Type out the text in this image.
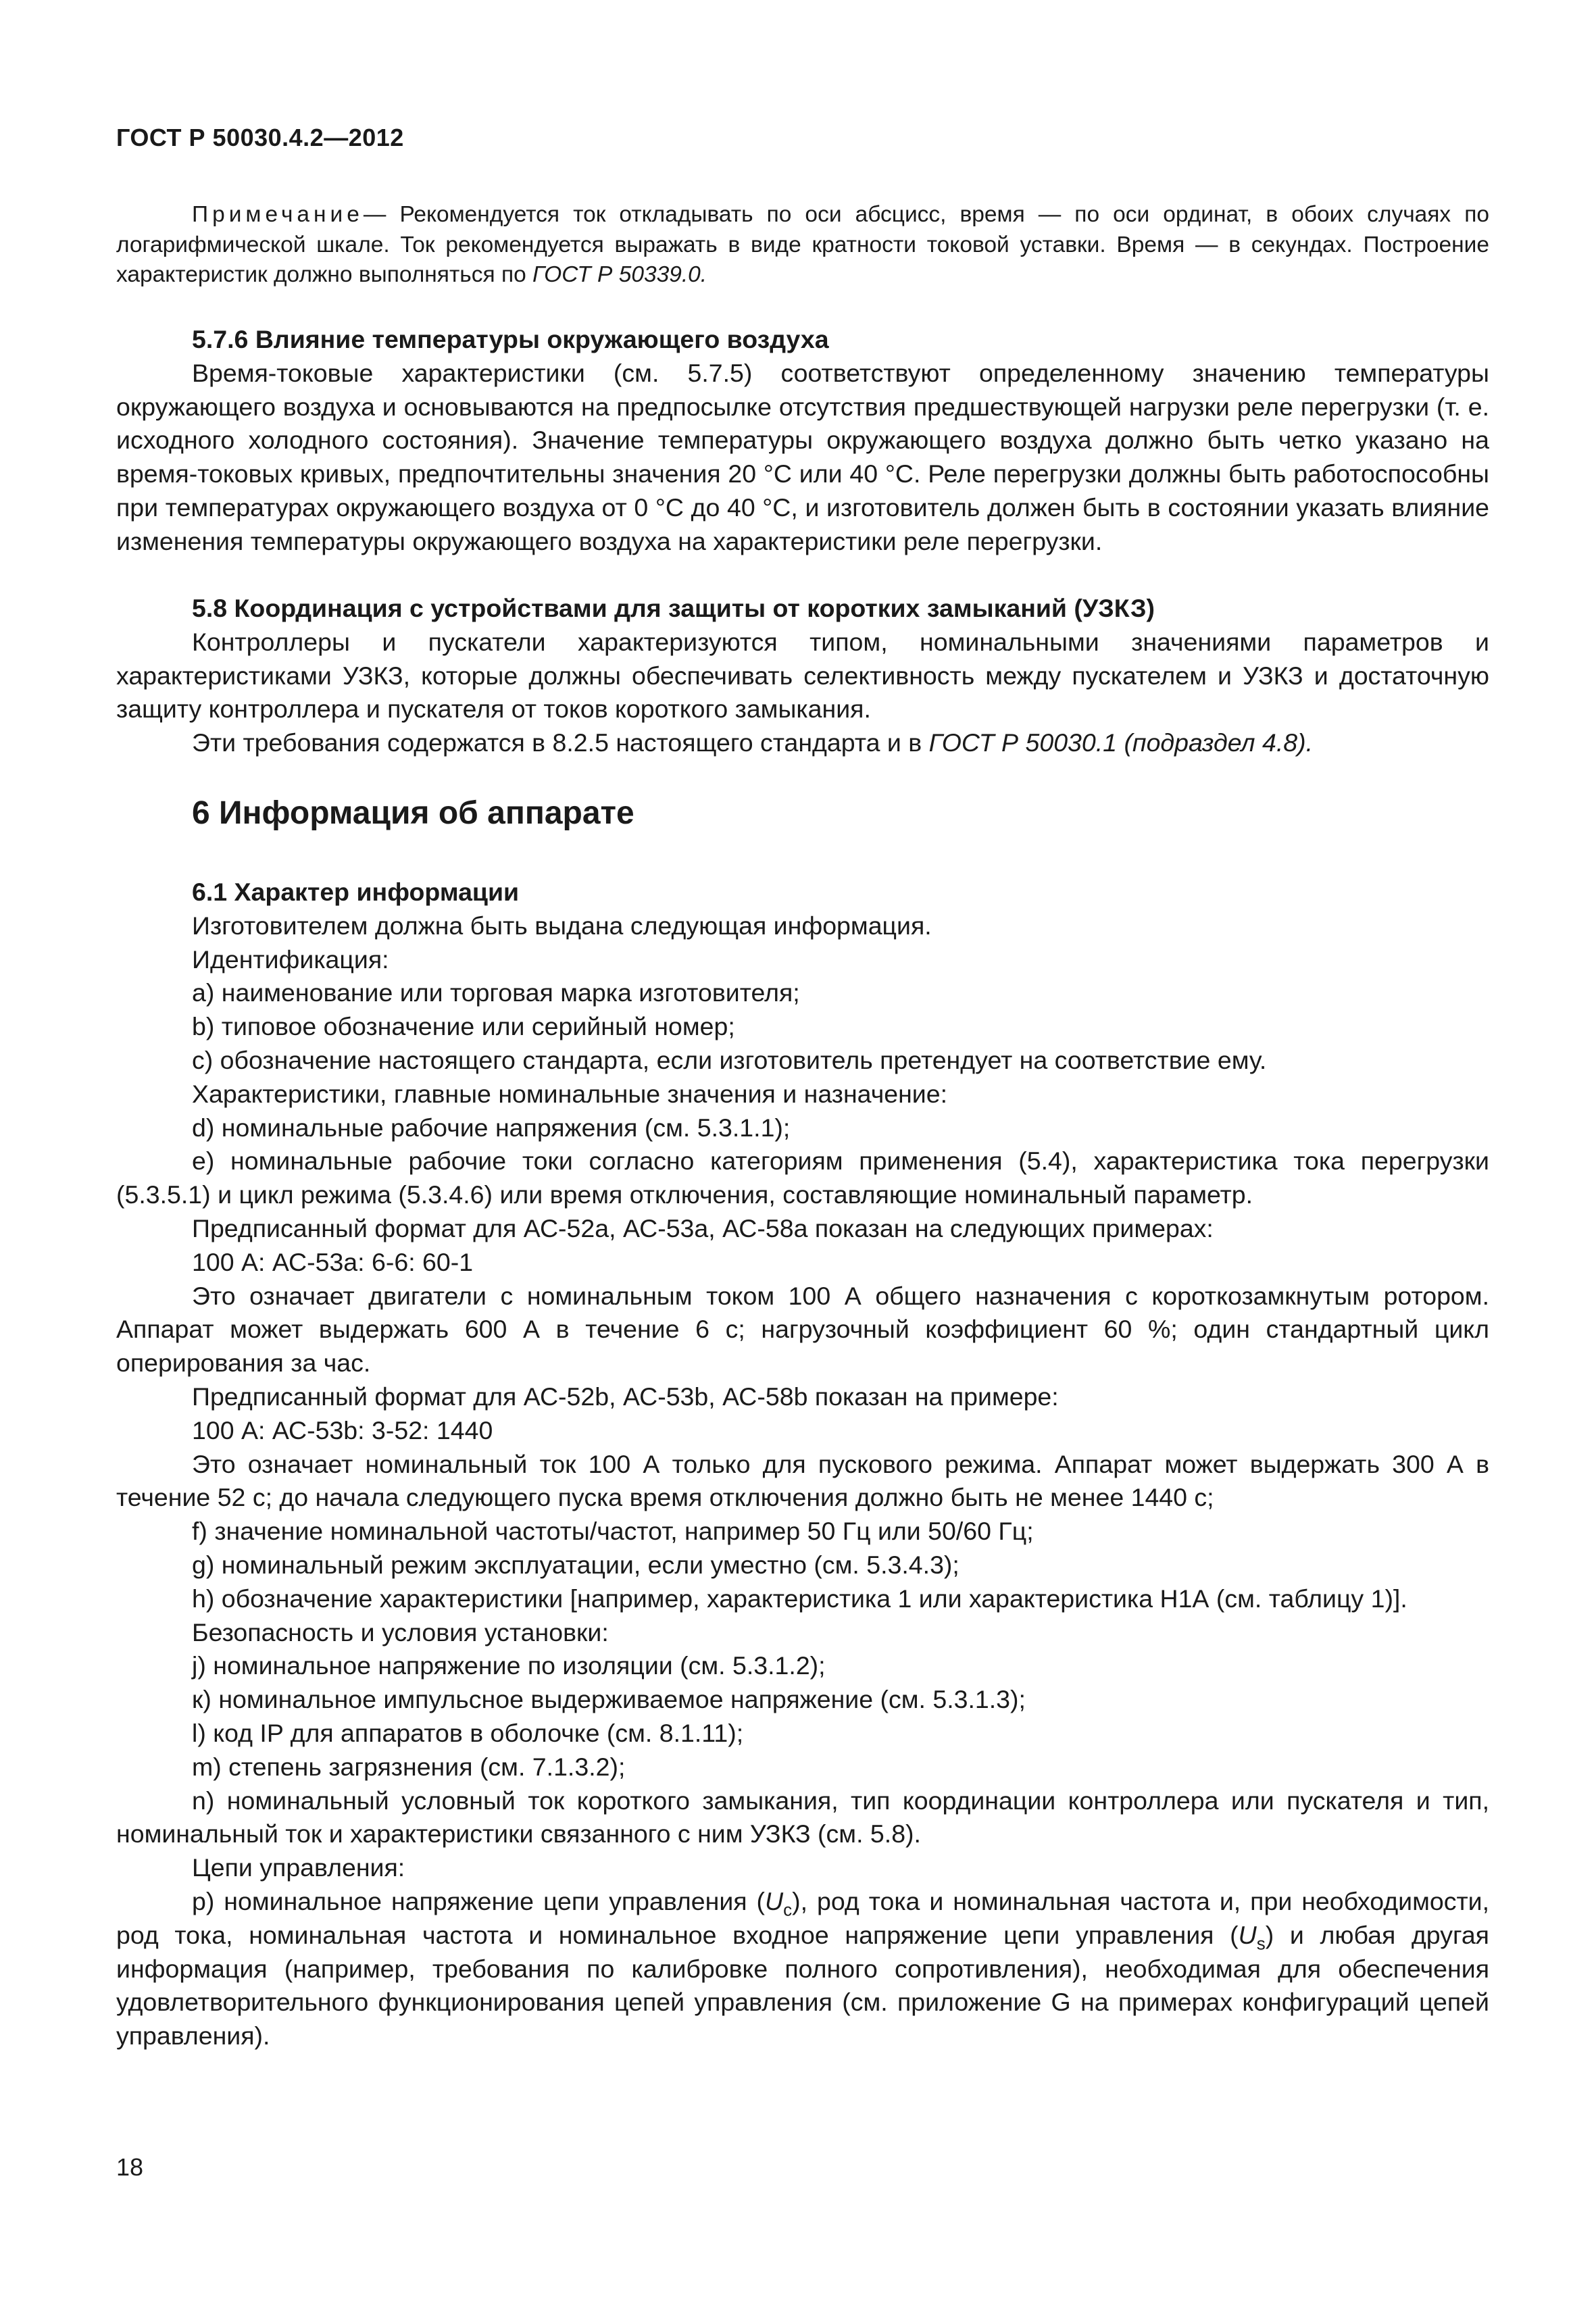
ГОСТ Р 50030.4.2—2012

Примечание— Рекомендуется ток откладывать по оси абсцисс, время — по оси ординат, в обоих случаях по логарифмической шкале. Ток рекомендуется выражать в виде кратности токовой уставки. Время — в секундах. Построение характеристик должно выполняться по ГОСТ Р 50339.0.

5.7.6 Влияние температуры окружающего воздуха

Время-токовые характеристики (см. 5.7.5) соответствуют определенному значению температуры окружающего воздуха и основываются на предпосылке отсутствия предшествующей нагрузки реле перегрузки (т. е. исходного холодного состояния). Значение температуры окружающего воздуха должно быть четко указано на время-токовых кривых, предпочтительны значения 20 °С или 40 °С. Реле перегрузки должны быть работоспособны при температурах окружающего воздуха от 0 °С до 40 °С, и изготовитель должен быть в состоянии указать влияние изменения температуры окружающего воздуха на характеристики реле перегрузки.

5.8 Координация с устройствами для защиты от коротких замыканий (УЗКЗ)

Контроллеры и пускатели характеризуются типом, номинальными значениями параметров и характеристиками УЗКЗ, которые должны обеспечивать селективность между пускателем и УЗКЗ и достаточную защиту контроллера и пускателя от токов короткого замыкания.

Эти требования содержатся в 8.2.5 настоящего стандарта и в ГОСТ Р 50030.1 (подраздел 4.8).

6 Информация об аппарате

6.1 Характер информации

Изготовителем должна быть выдана следующая информация.

Идентификация:

а) наименование или торговая марка изготовителя;

b) типовое обозначение или серийный номер;

с) обозначение настоящего стандарта, если изготовитель претендует на соответствие ему.

Характеристики, главные номинальные значения и назначение:

d) номинальные рабочие напряжения (см. 5.3.1.1);

е) номинальные рабочие токи согласно категориям применения (5.4), характеристика тока перегрузки (5.3.5.1) и цикл режима (5.3.4.6) или время отключения, составляющие номинальный параметр.

Предписанный формат для АС-52а, АС-53а, АС-58а показан на следующих примерах:

100 А: АС-53а: 6-6: 60-1

Это означает двигатели с номинальным током 100 А общего назначения с короткозамкнутым ротором. Аппарат может выдержать 600 А в течение 6 с; нагрузочный коэффициент 60 %; один стандартный цикл оперирования за час.

Предписанный формат для АС-52b, АС-53b, АС-58b показан на примере:

100 А: АС-53b: 3-52: 1440

Это означает номинальный ток 100 А только для пускового режима. Аппарат может выдержать 300 А в течение 52 с; до начала следующего пуска время отключения должно быть не менее 1440 с;

f) значение номинальной частоты/частот, например 50 Гц или 50/60 Гц;

g) номинальный режим эксплуатации, если уместно (см. 5.3.4.3);

h) обозначение характеристики [например, характеристика 1 или характеристика Н1А (см. таблицу 1)].

Безопасность и условия установки:

j) номинальное напряжение по изоляции (см. 5.3.1.2);

к) номинальное импульсное выдерживаемое напряжение (см. 5.3.1.3);

l) код IP для аппаратов в оболочке (см. 8.1.11);

m) степень загрязнения (см. 7.1.3.2);

n) номинальный условный ток короткого замыкания, тип координации контроллера или пускателя и тип, номинальный ток и характеристики связанного с ним УЗКЗ (см. 5.8).

Цепи управления:

р) номинальное напряжение цепи управления $(U_c)$, род тока и номинальная частота и, при необходимости, род тока, номинальная частота и номинальное входное напряжение цепи управления $(U_s)$ и любая другая информация (например, требования по калибровке полного сопротивления), необходимая для обеспечения удовлетворительного функционирования цепей управления (см. приложение G на примерах конфигураций цепей управления).

18
